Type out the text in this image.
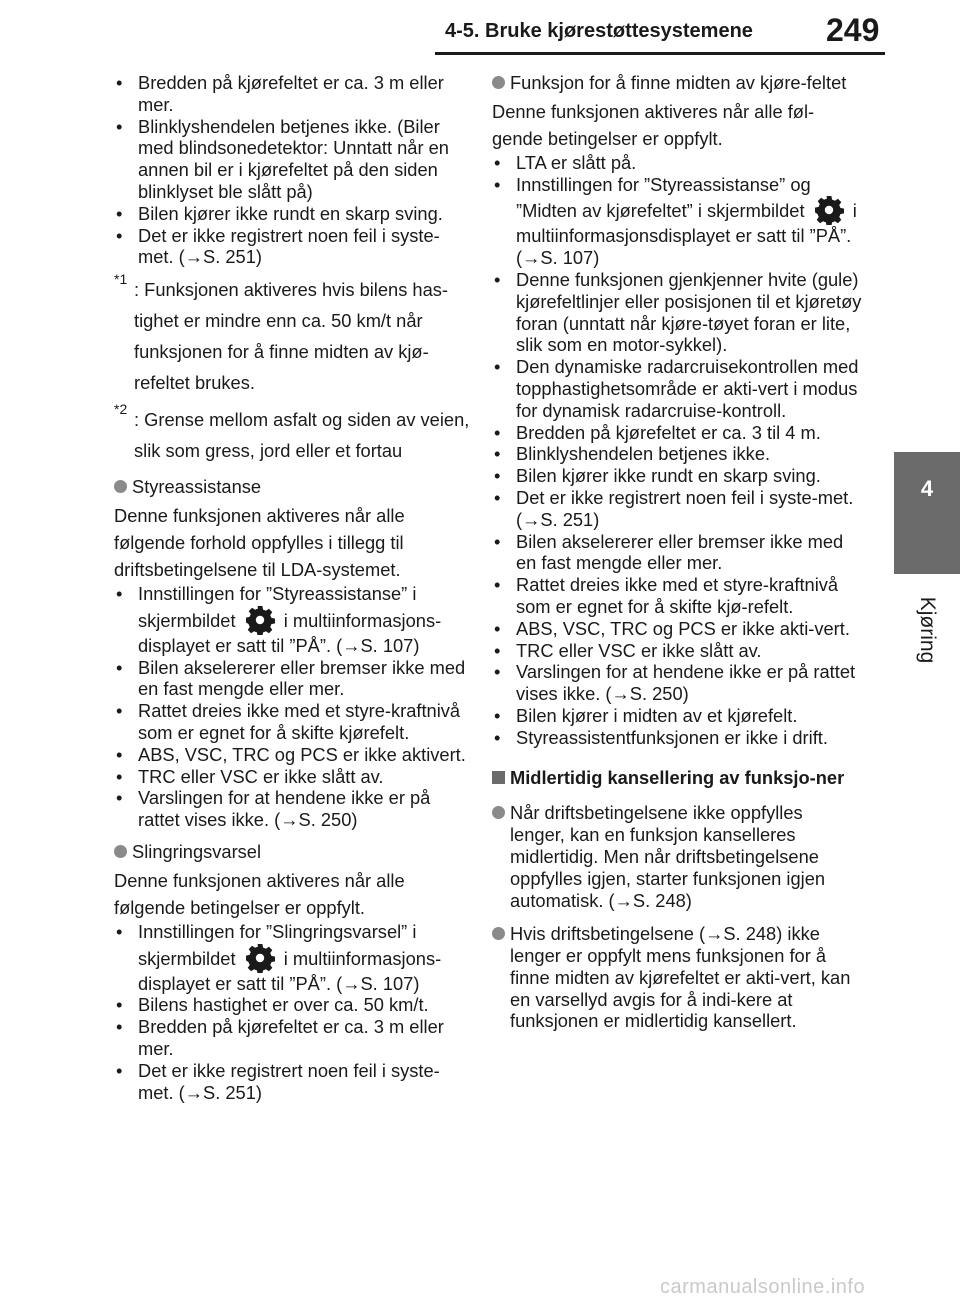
4-5. Bruke kjørestøttesystemene 249
4
Kjøring
• Bredden på kjørefeltet er ca. 3 m eller mer.
• Blinklyshendelen betjenes ikke. (Biler med blindsonedetektor: Unntatt når en annen bil er i kjørefeltet på den siden blinklyset ble slått på)
• Bilen kjører ikke rundt en skarp sving.
• Det er ikke registrert noen feil i syste-met. (→S. 251)
*1 : Funksjonen aktiveres hvis bilens has-tighet er mindre enn ca. 50 km/t når funksjonen for å finne midten av kjø-refeltet brukes.
*2 : Grense mellom asfalt og siden av veien, slik som gress, jord eller et fortau
Styreassistanse

Denne funksjonen aktiveres når alle følgende forhold oppfylles i tillegg til driftsbetingelsene til LDA-systemet.

• Innstillingen for ”Styreassistanse” i skjermbildet	i multiinformasjons-displayet er satt til ”PÅ”. (→S. 107)
• Bilen akselererer eller bremser ikke med en fast mengde eller mer.
• Rattet dreies ikke med et styre-kraftnivå som er egnet for å skifte kjørefelt.
• ABS, VSC, TRC og PCS er ikke aktivert.
• TRC eller VSC er ikke slått av.
• Varslingen for at hendene ikke er på rattet vises ikke. (→S. 250)
Slingringsvarsel

Denne funksjonen aktiveres når alle følgende betingelser er oppfylt.

• Innstillingen for ”Slingringsvarsel” i skjermbildet	i multiinformasjons-displayet er satt til ”PÅ”. (→S. 107)
• Bilens hastighet er over ca. 50 km/t.
• Bredden på kjørefeltet er ca. 3 m eller mer.
• Det er ikke registrert noen feil i syste-met. (→S. 251)
Funksjon for å finne midten av kjøre-feltet

Denne funksjonen aktiveres når alle føl-gende betingelser er oppfylt.

• LTA er slått på.
• Innstillingen for ”Styreassistanse” og ”Midten av kjørefeltet” i skjermbildet	i multiinformasjonsdisplayet er satt til ”PÅ”. (→S. 107)
• Denne funksjonen gjenkjenner hvite (gule) kjørefeltlinjer eller posisjonen til et kjøretøy foran (unntatt når kjøre-tøyet foran er lite, slik som en motor-sykkel).
• Den dynamiske radarcruisekontrollen med topphastighetsområde er akti-vert i modus for dynamisk radarcruise-kontroll.
• Bredden på kjørefeltet er ca. 3 til 4 m.
• Blinklyshendelen betjenes ikke.
• Bilen kjører ikke rundt en skarp sving.
• Det er ikke registrert noen feil i syste-met. (→S. 251)
• Bilen akselererer eller bremser ikke med en fast mengde eller mer.
• Rattet dreies ikke med et styre-kraftnivå som er egnet for å skifte kjø-refelt.
• ABS, VSC, TRC og PCS er ikke akti-vert.
• TRC eller VSC er ikke slått av.
• Varslingen for at hendene ikke er på rattet vises ikke. (→S. 250)
• Bilen kjører i midten av et kjørefelt.
• Styreassistentfunksjonen er ikke i drift.
Midlertidig kansellering av funksjo-ner

Når driftsbetingelsene ikke oppfylles lenger, kan en funksjon kanselleres midlertidig. Men når driftsbetingelsene oppfylles igjen, starter funksjonen igjen automatisk. (→S. 248)

Hvis driftsbetingelsene (→S. 248) ikke lenger er oppfylt mens funksjonen for å finne midten av kjørefeltet er akti-vert, kan en varsellyd avgis for å indi-kere at funksjonen er midlertidig kansellert.

carmanualsonline.info
